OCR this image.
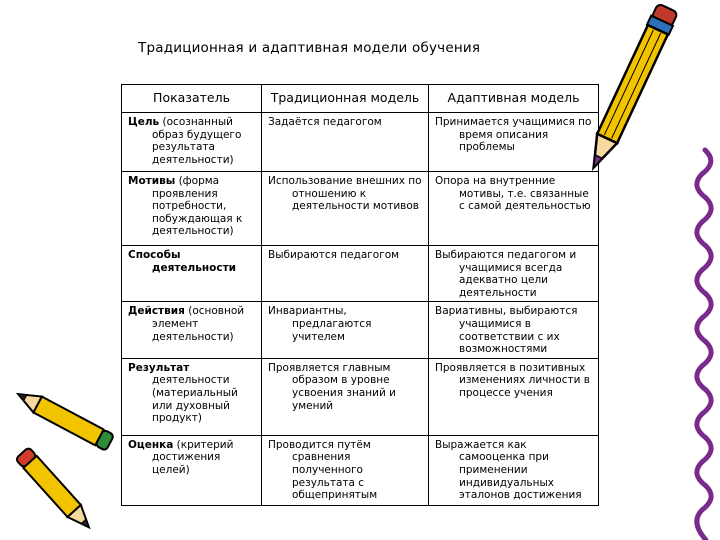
Традиционная и адаптивная модели обучения
Показатель	Традиционная модель	Адаптивная модель

Цель (осознанный образ будущего результата деятельности)	Задаётся педагогом	Принимается учащимися по время описания проблемы

Мотивы (форма проявления потребности, побуждающая к деятельности)	Использование внешних по отношению к деятельности мотивов	Опора на внутренние мотивы, т.е. связанные с самой деятельностью

Способы деятельности	Выбираются педагогом	Выбираются педагогом и учащимися всегда адекватно цели деятельности

Действия (основной элемент деятельности)	Инвариантны, предлагаются учителем	Вариативны, выбираются учащимися в соответствии с их возможностями

Результат деятельности (материальный или духовный продукт)	Проявляется главным образом в уровне усвоения знаний и умений	Проявляется в позитивных изменениях личности в процессе учения

Оценка (критерий достижения целей)	Проводится путём сравнения полученного результата с общепринятым	Выражается как самооценка при применении индивидуальных эталонов достижения
